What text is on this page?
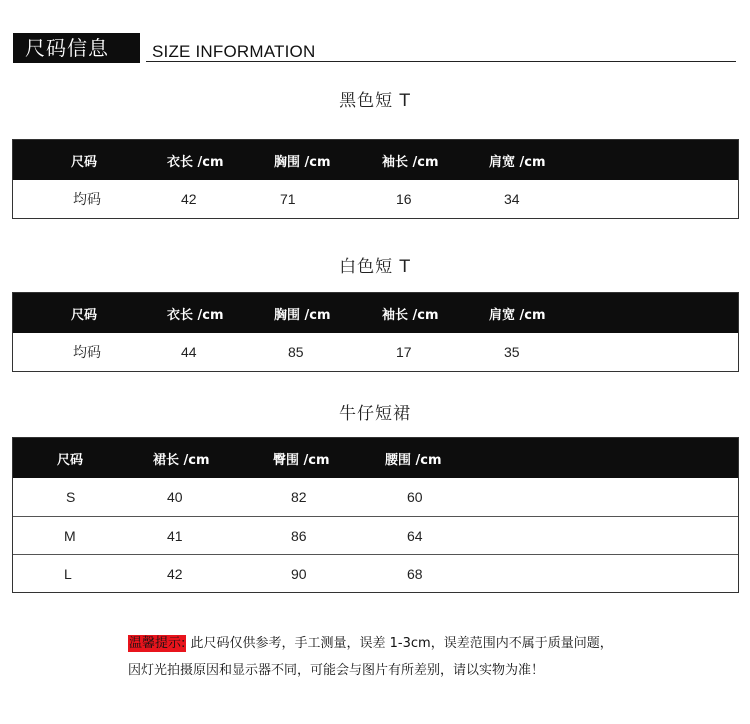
尺码信息	SIZE INFORMATION
黑色短 T
尺码	衣长 /cm	胸围 /cm	袖长 /cm	肩宽 /cm
均码	42	71	16	34
白色短 T
尺码	衣长 /cm	胸围 /cm	袖长 /cm	肩宽 /cm
均码	44	85	17	35
牛仔短裙
尺码	裙长 /cm	臀围 /cm	腰围 /cm
S	40	82	60
M	41	86	64
L	42	90	68
温馨提示: 此尺码仅供参考，手工测量，误差 1-3cm，误差范围内不属于质量问题，
因灯光拍摄原因和显示器不同，可能会与图片有所差别，请以实物为准！
